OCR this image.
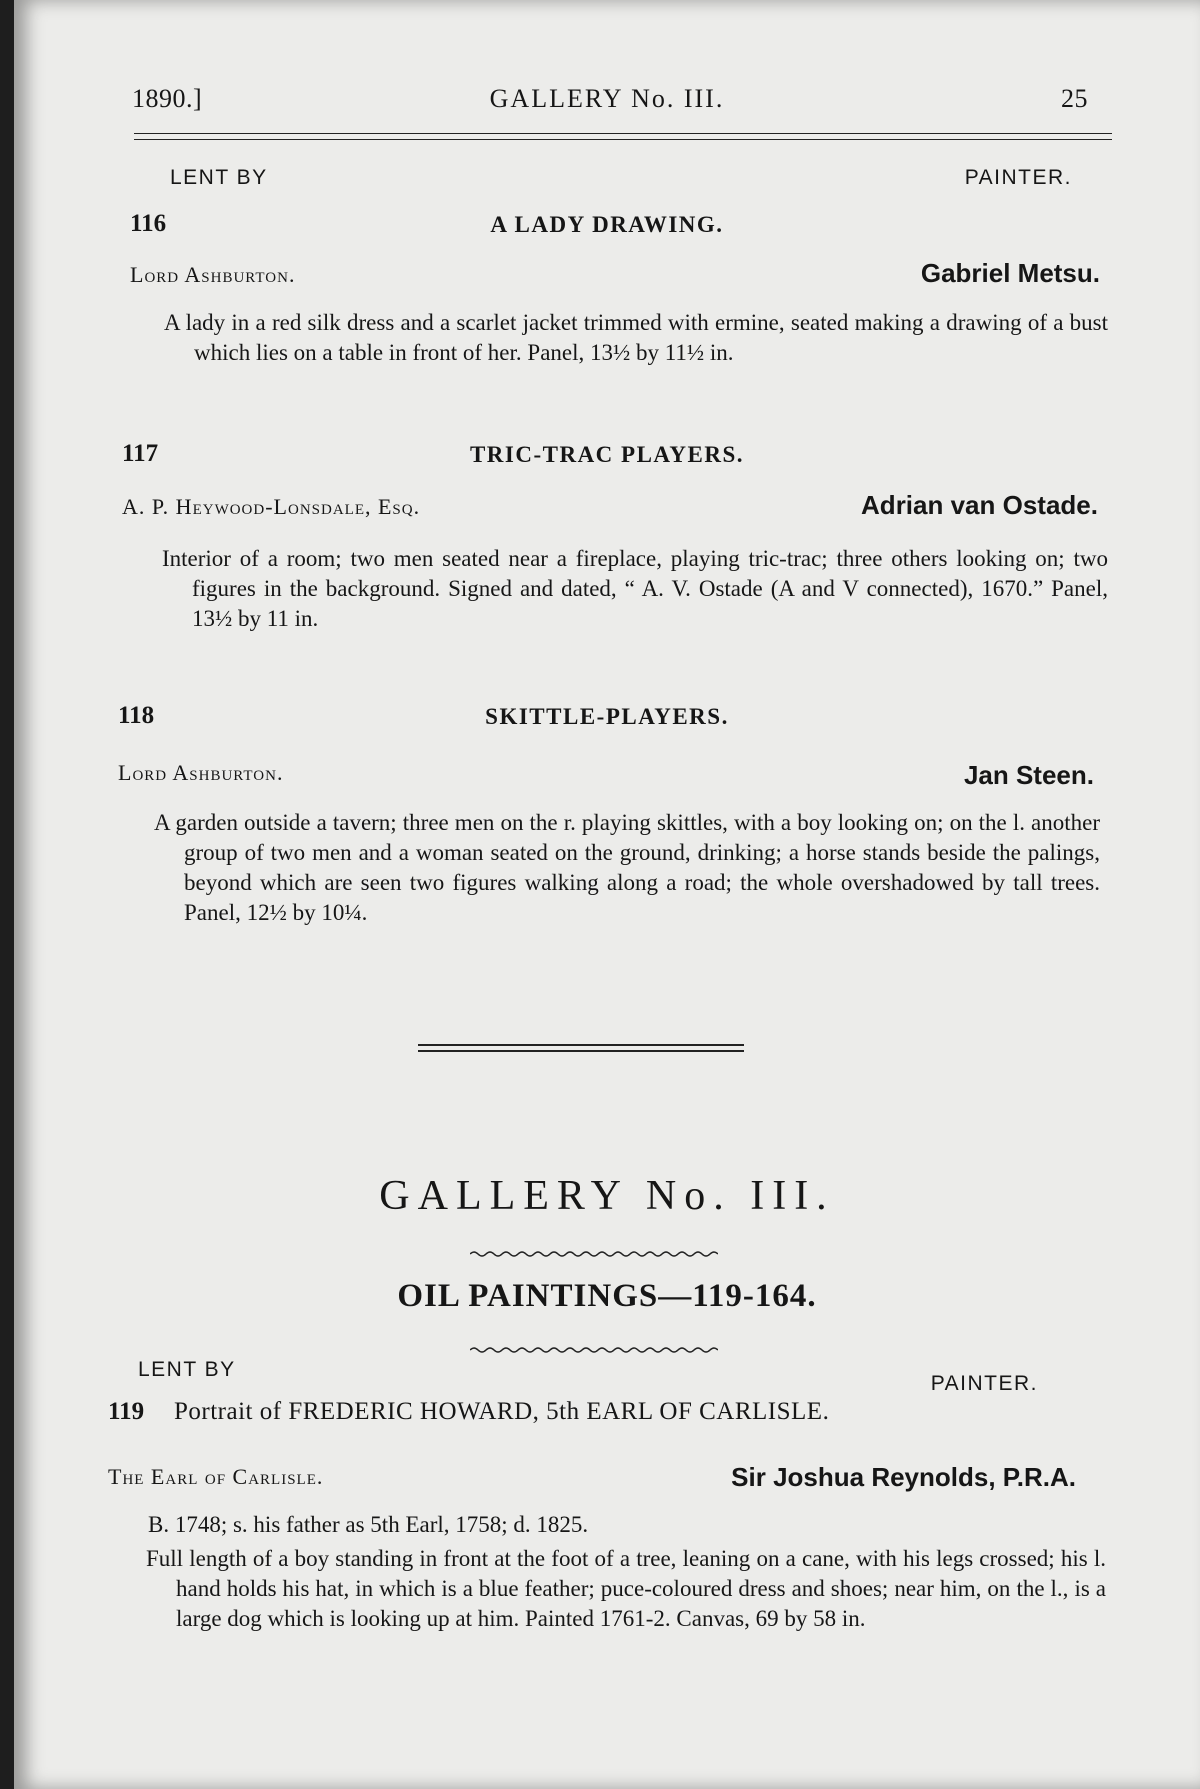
1890.]	GALLERY No. III.	25
LENT BY	PAINTER.
116	A LADY DRAWING.
Lord Ashburton.	Gabriel Metsu.

A lady in a red silk dress and a scarlet jacket trimmed with ermine, seated making a drawing of a bust which lies on a table in front of her. Panel, 13½ by 11½ in.

117	TRIC-TRAC PLAYERS.
A. P. Heywood-Lonsdale, Esq.	Adrian van Ostade.

Interior of a room; two men seated near a fireplace, playing tric-trac; three others looking on; two figures in the background. Signed and dated, “ A. V. Ostade (A and V connected), 1670.” Panel, 13½ by 11 in.

118	SKITTLE-PLAYERS.
Lord Ashburton.	Jan Steen.

A garden outside a tavern; three men on the r. playing skittles, with a boy looking on; on the l. another group of two men and a woman seated on the ground, drinking; a horse stands beside the palings, beyond which are seen two figures walking along a road; the whole overshadowed by tall trees. Panel, 12½ by 10¼.

GALLERY No. III.
OIL PAINTINGS—119-164.
LENT BY
PAINTER.
119 Portrait of FREDERIC HOWARD, 5th EARL OF CARLISLE.
The Earl of Carlisle.	Sir Joshua Reynolds, P.R.A.
B. 1748; s. his father as 5th Earl, 1758; d. 1825.

Full length of a boy standing in front at the foot of a tree, leaning on a cane, with his legs crossed; his l. hand holds his hat, in which is a blue feather; puce-coloured dress and shoes; near him, on the l., is a large dog which is looking up at him. Painted 1761-2. Canvas, 69 by 58 in.
